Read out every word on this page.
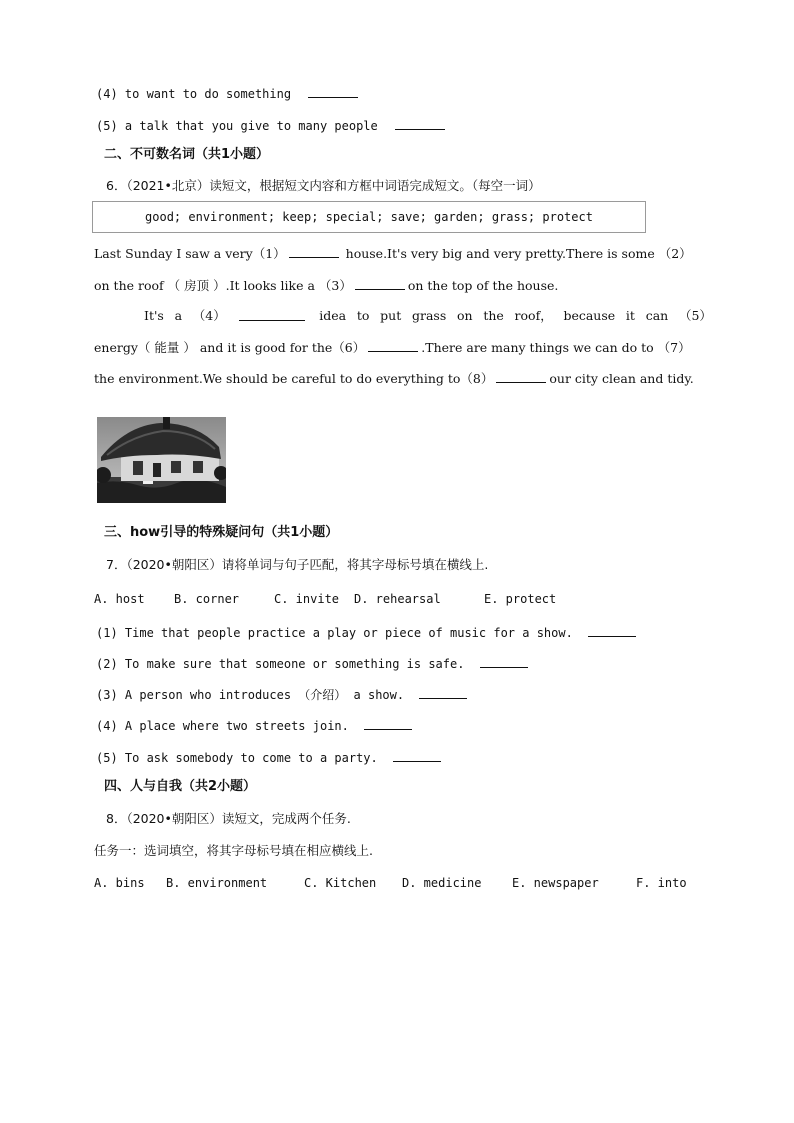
(4) to want to do something
(5) a talk that you give to many people
二、不可数名词（共1小题）
6．（2021•北京）读短文，根据短文内容和方框中词语完成短文。（每空一词）
good; environment; keep; special; save; garden; grass; protect
Last Sunday I saw a very（1）	house.It's very big and very pretty.There is some （2）
on the roof （ 房顶 ）.It looks like a （3）	on the top of the house.
It's a （4）	idea to put grass on the roof， because it can （5）
energy（ 能量 ） and it is good for the（6）	.There are many things we can do to （7）
the environment.We should be careful to do everything to（8）	our city clean and tidy.
三、how引导的特殊疑问句（共1小题）
7．（2020•朝阳区）请将单词与句子匹配，将其字母标号填在横线上.
A. host	B. corner	C. invite	D. rehearsal	E. protect
(1) Time that people practice a play or piece of music for a show.
(2) To make sure that someone or something is safe.
(3) A person who introduces （介绍） a show.
(4) A place where two streets join.
(5) To ask somebody to come to a party.
四、人与自我（共2小题）
8．（2020•朝阳区）读短文，完成两个任务.
任务一：选词填空，将其字母标号填在相应横线上.
A. bins	B. environment	C. Kitchen	D. medicine	E. newspaper	F. into
